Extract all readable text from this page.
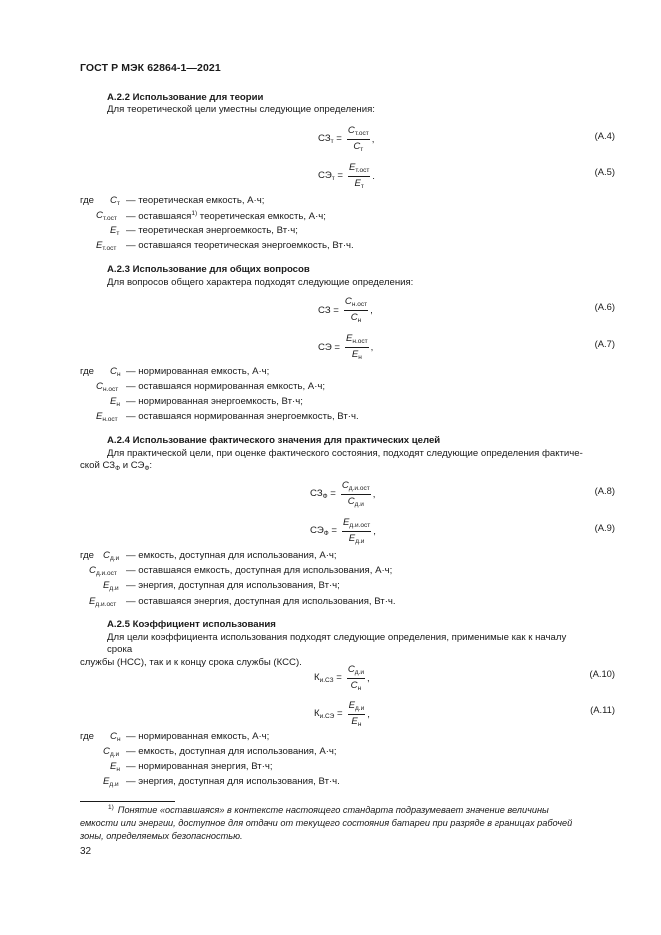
ГОСТ Р МЭК 62864-1—2021
А.2.2 Использование для теории
Для теоретической цели уместны следующие определения:
$СЗ_т = \frac{C_{т.ост}}{C_т}$ ,	(А.4)
$СЭ_т = \frac{E_{т.ост}}{E_т}$ .	(А.5)
где $C_т$ — теоретическая емкость, А·ч;
$C_{т.ост}$ — оставшаяся$^{1)}$ теоретическая емкость, А·ч;
$E_т$ — теоретическая энергоемкость, Вт·ч;
$E_{т.ост}$ — оставшаяся теоретическая энергоемкость, Вт·ч.
А.2.3 Использование для общих вопросов
Для вопросов общего характера подходят следующие определения:
СЗ = $\frac{C_{н.ост}}{C_н}$ ,	(А.6)
СЭ = $\frac{E_{н.ост}}{E_н}$ ,	(А.7)
где $C_н$ — нормированная емкость, А·ч;
$C_{н.ост}$ — оставшаяся нормированная емкость, А·ч;
$E_н$ — нормированная энергоемкость, Вт·ч;
$E_{н.ост}$ — оставшаяся нормированная энергоемкость, Вт·ч.
А.2.4 Использование фактического значения для практических целей
Для практической цели, при оценке фактического состояния, подходят следующие определения фактиче-
ской $СЗ_Ф$ и $СЭ_Ф$:
$СЗ_Ф = \frac{C_{д.и.ост}}{C_{д.и}}$ ,	(А.8)
$СЭ_Ф = \frac{E_{д.и.ост}}{E_{д.и}}$ ,	(А.9)
где $C_{д.и}$ — емкость, доступная для использования, А·ч;
$C_{д.и.ост}$ — оставшаяся емкость, доступная для использования, А·ч;
$E_{д.и}$ — энергия, доступная для использования, Вт·ч;
$E_{д.и.ост}$ — оставшаяся энергия, доступная для использования, Вт·ч.
А.2.5 Коэффициент использования
Для цели коэффициента использования подходят следующие определения, применимые как к началу срока
службы (НСС), так и к концу срока службы (КСС).
$К_{и.СЗ} = \frac{C_{д.и}}{C_н}$ ,	(А.10)
$К_{и.СЭ} = \frac{E_{д.и}}{E_н}$ ,	(А.11)
где $C_н$ — нормированная емкость, А·ч;
$C_{д.и}$ — емкость, доступная для использования, А·ч;
$E_н$ — нормированная энергия, Вт·ч;
$E_{д.и}$ — энергия, доступная для использования, Вт·ч.
$^{1)}$ Понятие «оставшаяся» в контексте настоящего стандарта подразумевает значение величины емкости или энергии, доступное для отдачи от текущего состояния батареи при разряде в границах рабочей зоны, определяемых безопасностью.
32
